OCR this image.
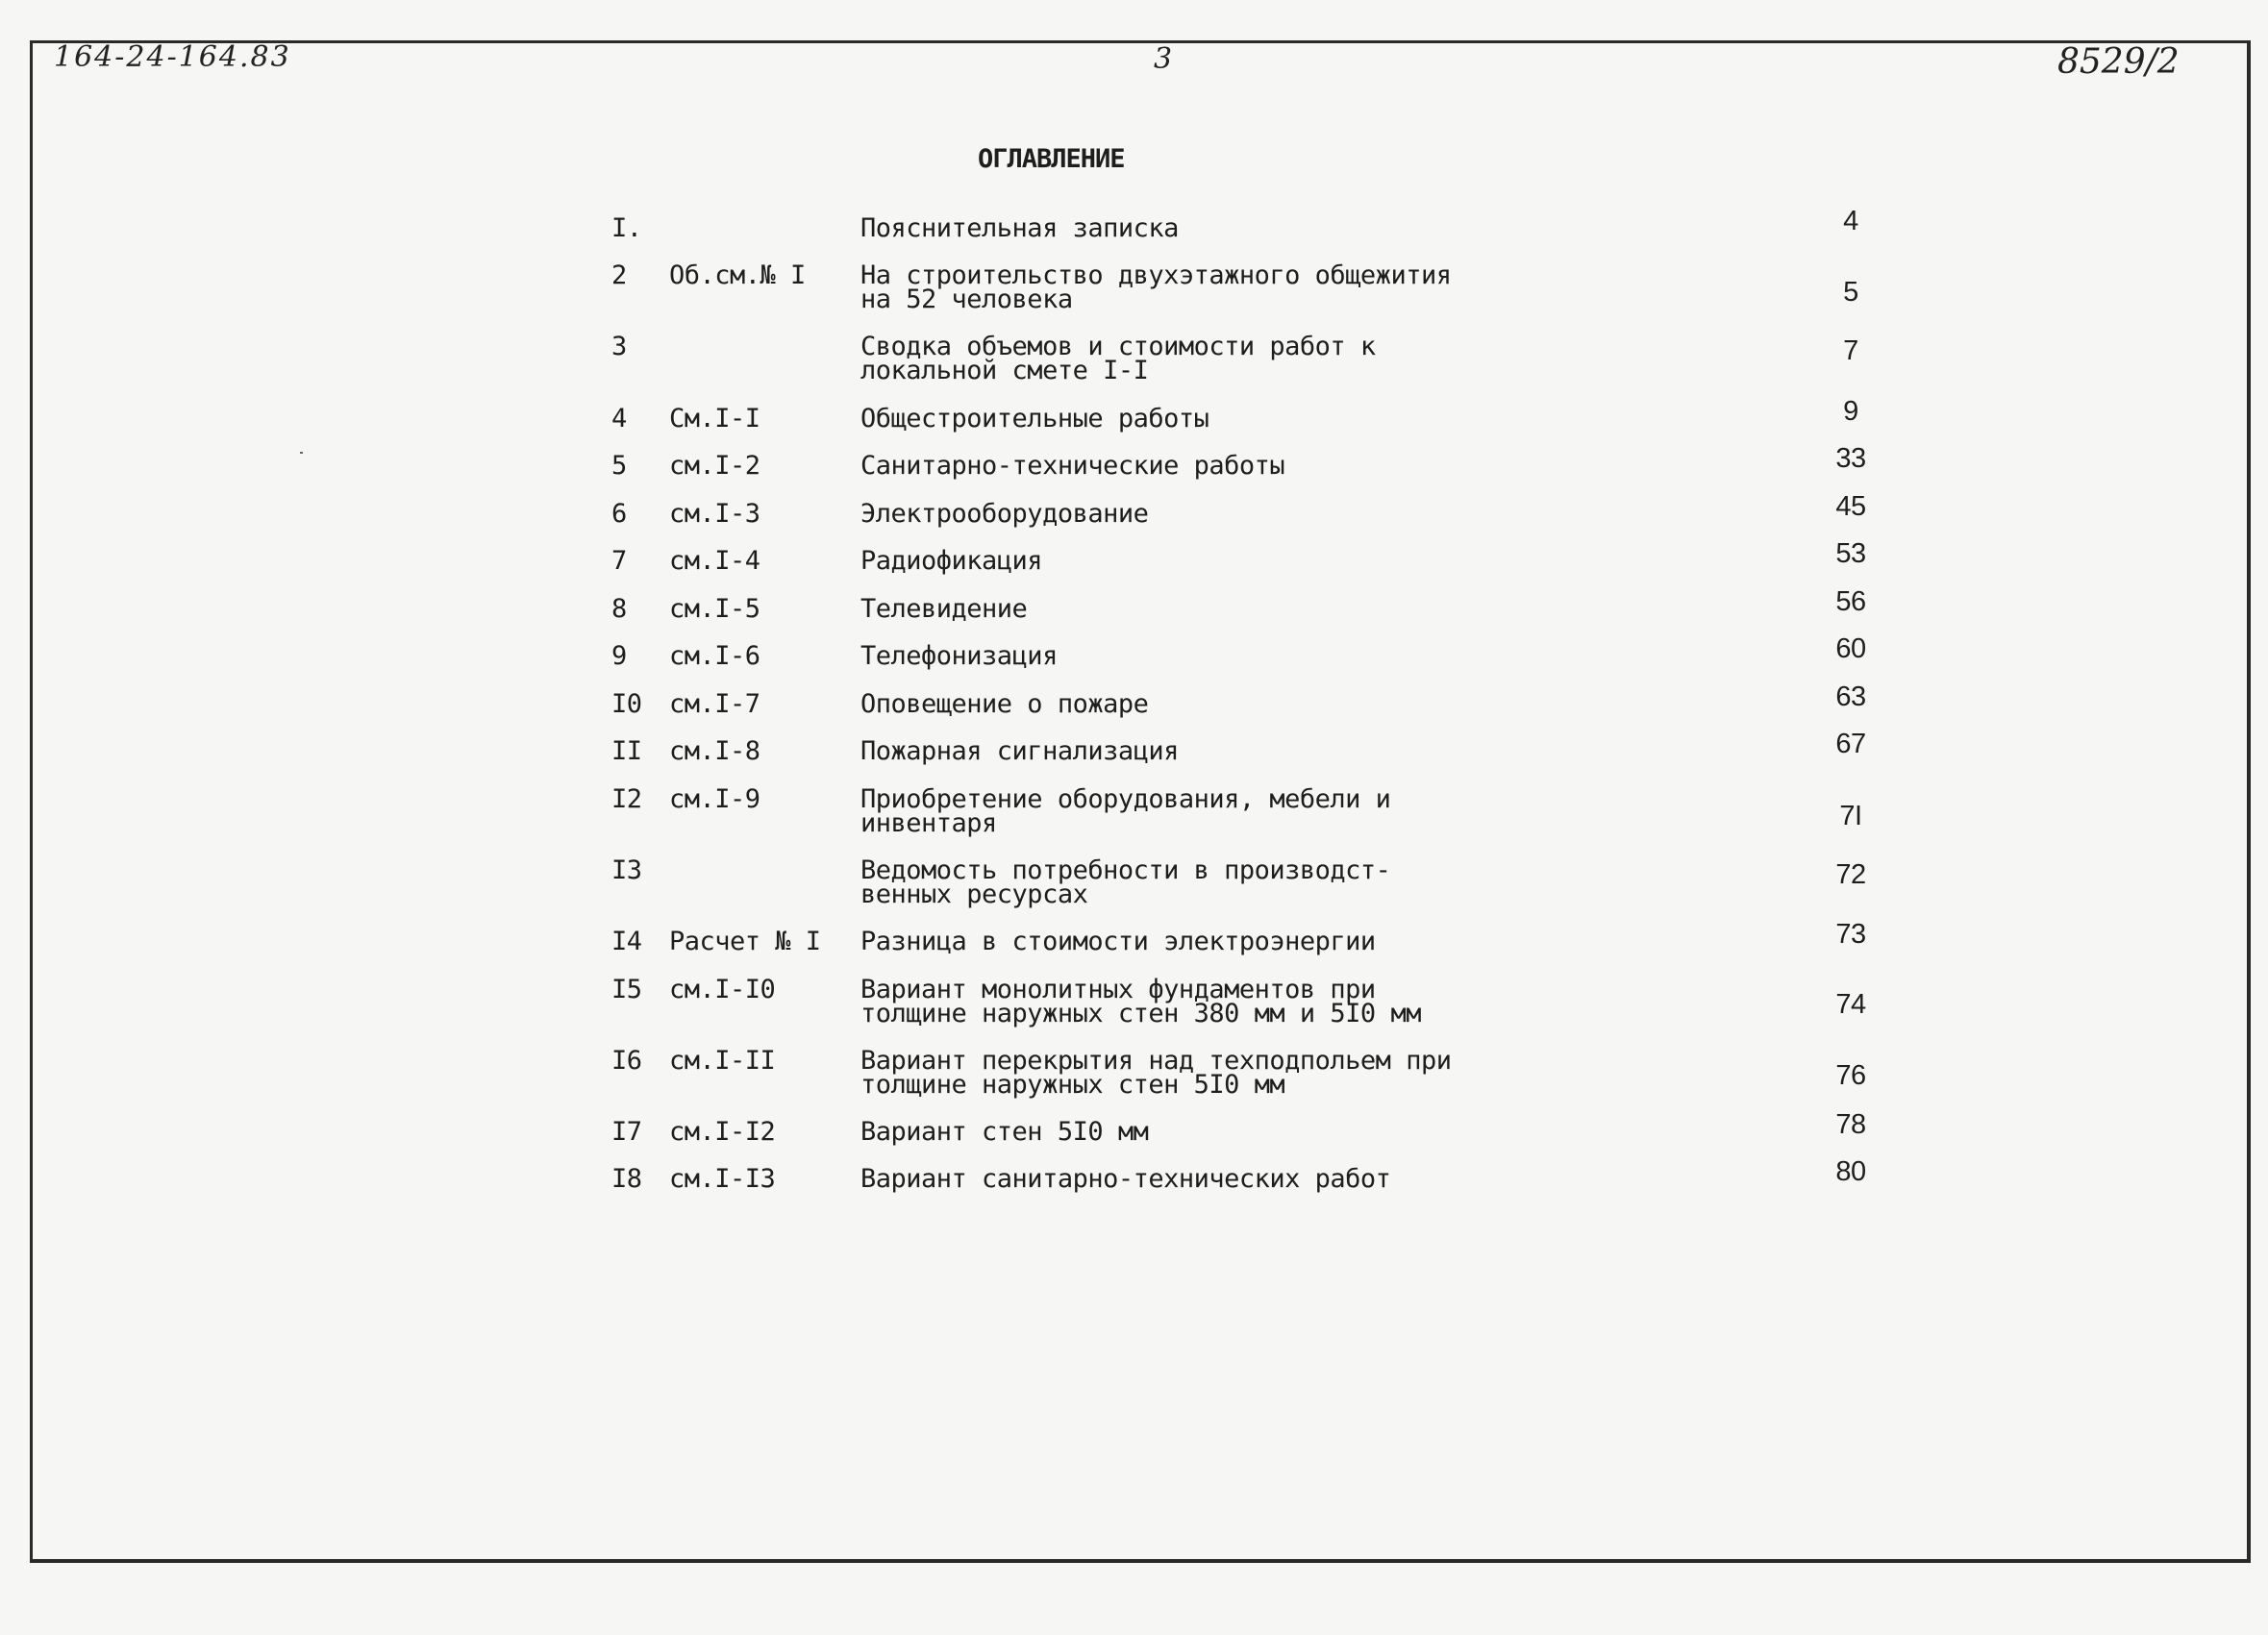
164-24-164.83	3	8529/2
ОГЛАВЛЕНИЕ
I.	Пояснительная записка	4
2 Об.см.№ I На строительство двухэтажного общежития
на 52 человека	5
3	Сводка объемов и стоимости работ к
локальной смете I-I
7
4 См.I-I	Общестроительные работы	9
5 см.I-2	Санитарно-технические работы	33
6 см.I-3	Электрооборудование	45
7 см.I-4	Радиофикация	53
8 см.I-5	Телевидение	56
9 см.I-6	Телефонизация	60
I0 см.I-7	Оповещение о пожаре	63
II см.I-8	Пожарная сигнализация	67
I2 см.I-9	Приобретение оборудования, мебели и
инвентаря	7I
I3	Ведомость потребности в производст-
венных ресурсах
72
I4 Расчет № I Разница в стоимости электроэнергии	73
I5 см.I-I0	Вариант монолитных фундаментов при
толщине наружных стен 380 мм и 5I0 мм	74
I6 см.I-II	Вариант перекрытия над техподпольем при
толщине наружных стен 5I0 мм	76
I7 см.I-I2	Вариант стен 5I0 мм	78
I8 см.I-I3	Вариант санитарно-технических работ	80
